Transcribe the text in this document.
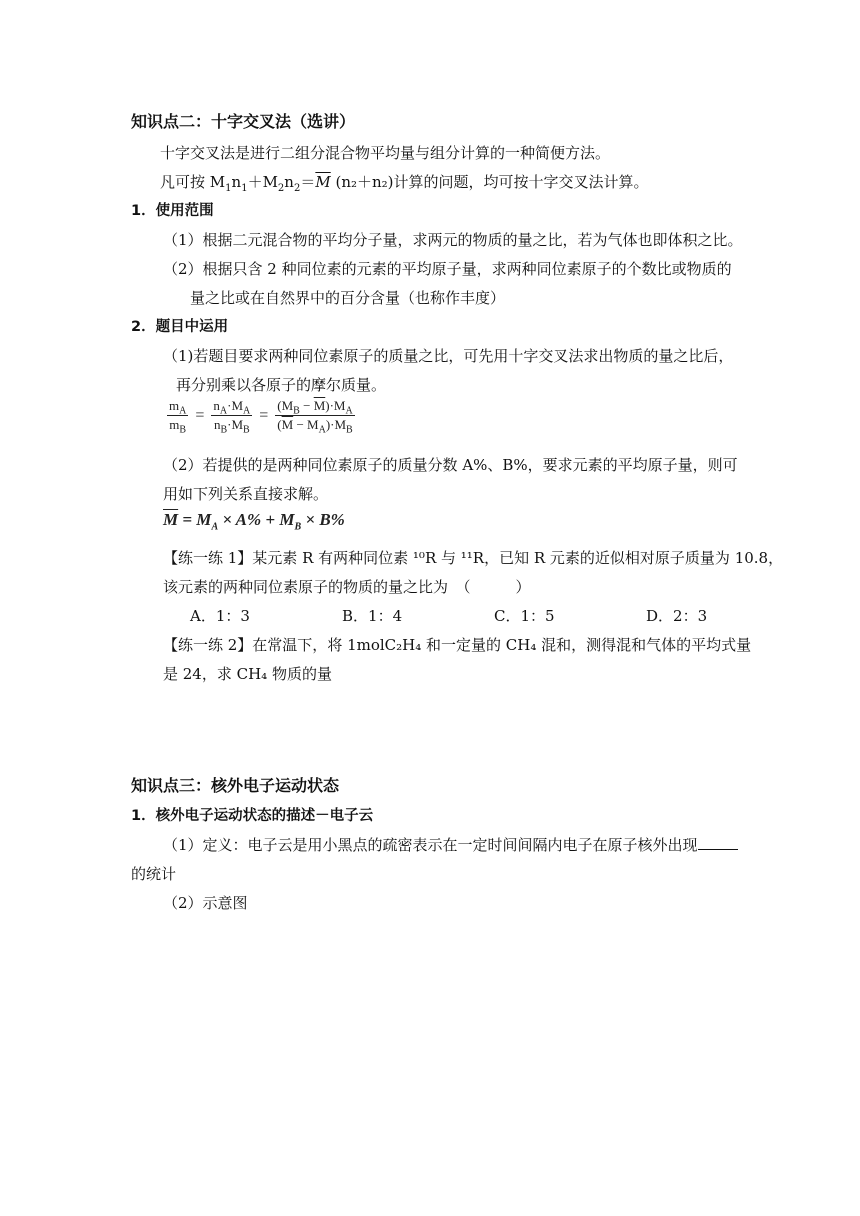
知识点二：十字交叉法（选讲）
十字交叉法是进行二组分混合物平均量与组分计算的一种简便方法。
凡可按 $M_1n_1+M_2n_2=\overline{M}$ (n₂＋n₂)计算的问题，均可按十字交叉法计算。
1．使用范围
（1）根据二元混合物的平均分子量，求两元的物质的量之比，若为气体也即体积之比。
（2）根据只含 2 种同位素的元素的平均原子量，求两种同位素原子的个数比或物质的
量之比或在自然界中的百分含量（也称作丰度）
2．题目中运用
（1)若题目要求两种同位素原子的质量之比，可先用十字交叉法求出物质的量之比后，
再分别乘以各原子的摩尔质量。
$\frac{m_A}{m_B} = \frac{n_A\cdot M_A}{n_B\cdot M_B} = \frac{(M_B - \overline{M})\cdot M_A}{(\overline{M} - M_A)\cdot M_B}$
（2）若提供的是两种同位素原子的质量分数 A%、B%，要求元素的平均原子量，则可
用如下列关系直接求解。
$\overline{M} = M_A \times A\% + M_B \times B\%$
【练一练 1】某元素 R 有两种同位素 ¹⁰R 与 ¹¹R，已知 R 元素的近似相对原子质量为 10.8，
该元素的两种同位素原子的物质的量之比为　（　　　）
A．1：3	B．1：4	C．1：5	D．2：3
【练一练 2】在常温下，将 1molC₂H₄ 和一定量的 CH₄ 混和，测得混和气体的平均式量
是 24，求 CH₄ 物质的量
知识点三：核外电子运动状态
1．核外电子运动状态的描述－电子云
（1）定义：电子云是用小黑点的疏密表示在一定时间间隔内电子在原子核外出现
的统计
（2）示意图
